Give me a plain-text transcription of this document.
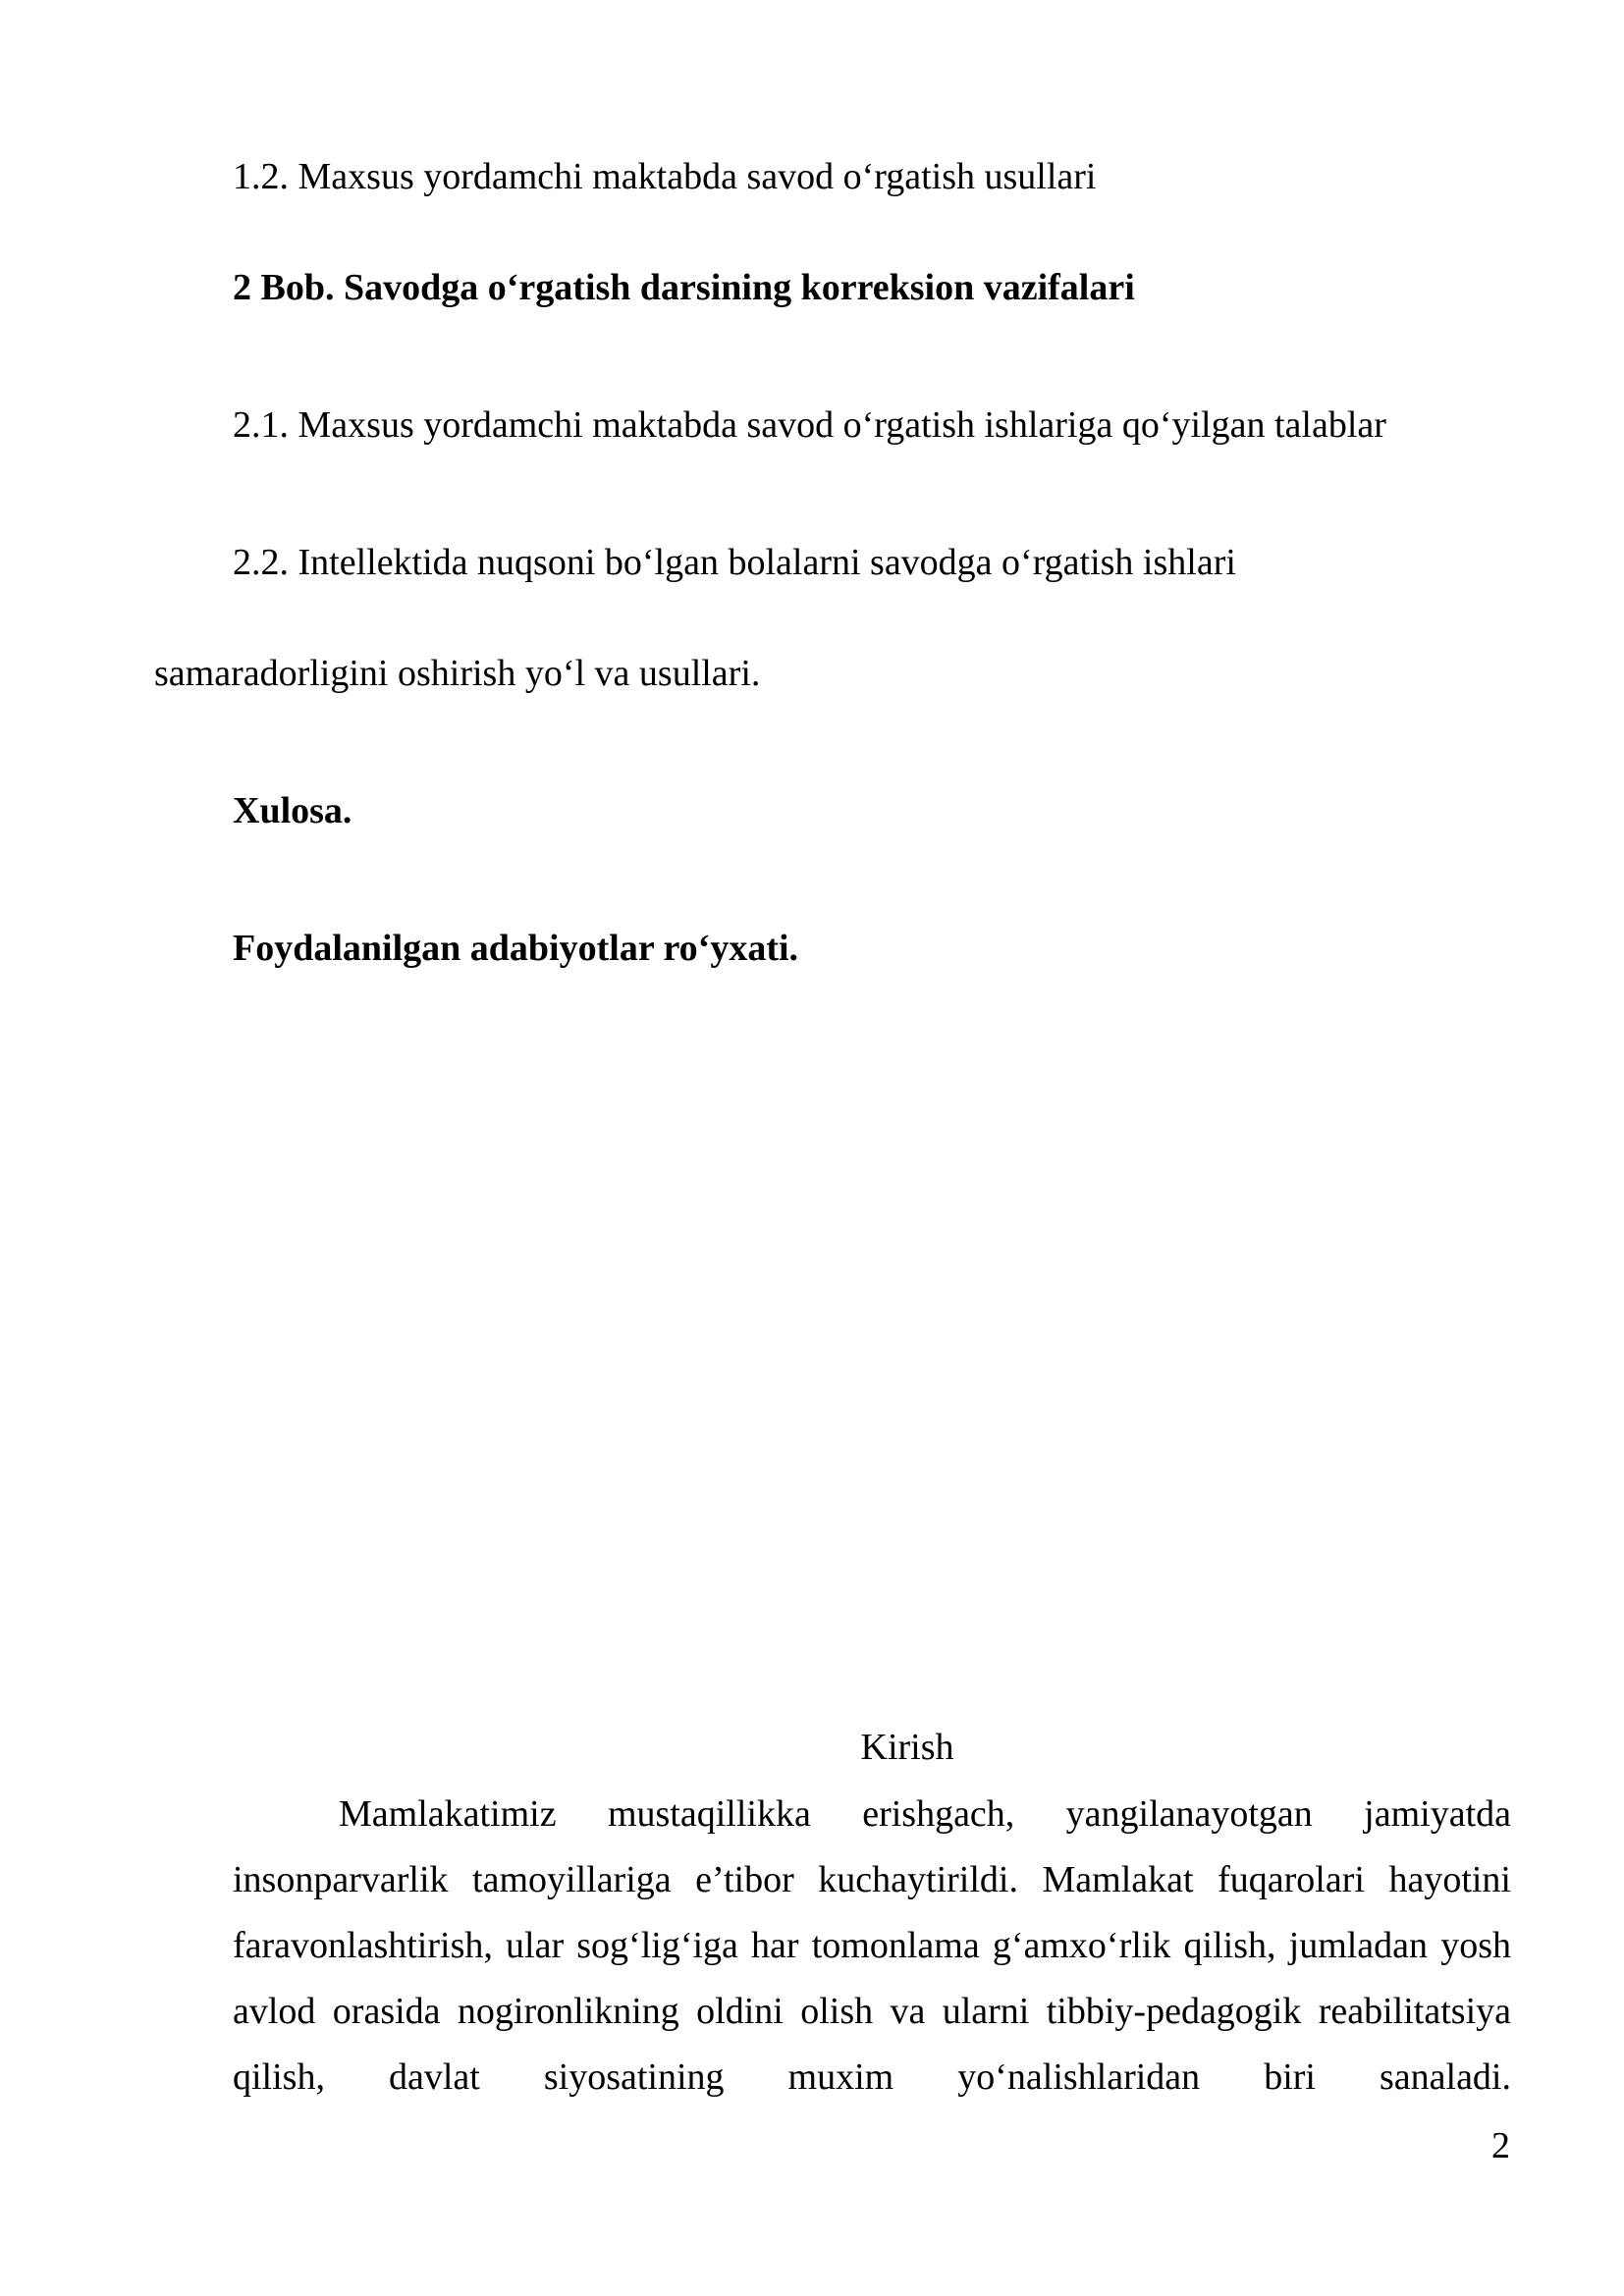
1.2. Maxsus yordamchi maktabda savod o‘rgatish usullari
2 Bob. Savodga o‘rgatish darsining korreksion vazifalari
2.1. Maxsus yordamchi maktabda savod o‘rgatish ishlariga qo‘yilgan talablar
2.2. Intellektida nuqsoni bo‘lgan bolalarni savodga o‘rgatish ishlari
samaradorligini oshirish yo‘l va usullari.
Xulosa.
Foydalanilgan adabiyotlar ro‘yxati.
Kirish
Mamlakatimiz mustaqillikka erishgach, yangilanayotgan jamiyatda insonparvarlik tamoyillariga e’tibor kuchaytirildi. Mamlakat fuqarolari hayotini faravonlashtirish, ular sog‘lig‘iga har tomonlama g‘amxo‘rlik qilish, jumladan yosh avlod orasida nogironlikning oldini olish va ularni tibbiy-pedagogik reabilitatsiya qilish, davlat siyosatining muxim yo‘nalishlaridan biri sanaladi.
2
